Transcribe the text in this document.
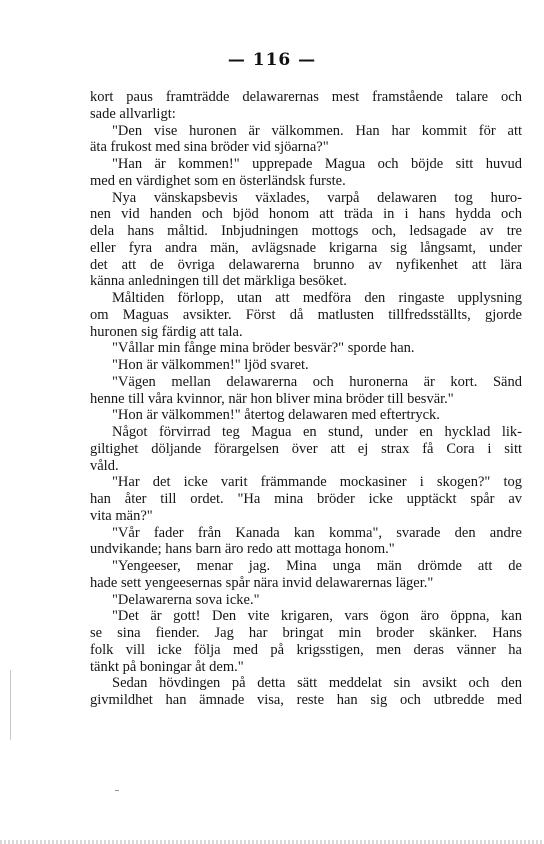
— 116 —
kort paus framträdde delawarernas mest framstående talare och
sade allvarligt:
"Den vise huronen är välkommen. Han har kommit för att
äta frukost med sina bröder vid sjöarna?"
"Han är kommen!" upprepade Magua och böjde sitt huvud
med en värdighet som en österländsk furste.
Nya vänskapsbevis växlades, varpå delawaren tog huro-
nen vid handen och bjöd honom att träda in i hans hydda och
dela hans måltid. Inbjudningen mottogs och, ledsagade av tre
eller fyra andra män, avlägsnade krigarna sig långsamt, under
det att de övriga delawarerna brunno av nyfikenhet att lära
känna anledningen till det märkliga besöket.
Måltiden förlopp, utan att medföra den ringaste upplysning
om Maguas avsikter. Först då matlusten tillfredsställts, gjorde
huronen sig färdig att tala.
"Vållar min fånge mina bröder besvär?" sporde han.
"Hon är välkommen!" ljöd svaret.
"Vägen mellan delawarerna och huronerna är kort. Sänd
henne till våra kvinnor, när hon bliver mina bröder till besvär."
"Hon är välkommen!" återtog delawaren med eftertryck.
Något förvirrad teg Magua en stund, under en hycklad lik-
giltighet döljande förargelsen över att ej strax få Cora i sitt
våld.
"Har det icke varit främmande mockasiner i skogen?" tog
han åter till ordet. "Ha mina bröder icke upptäckt spår av
vita män?"
"Vår fader från Kanada kan komma", svarade den andre
undvikande; hans barn äro redo att mottaga honom."
"Yengeeser, menar jag. Mina unga män drömde att de
hade sett yengeesernas spår nära invid delawarernas läger."
"Delawarerna sova icke."
"Det är gott! Den vite krigaren, vars ögon äro öppna, kan
se sina fiender. Jag har bringat min broder skänker. Hans
folk vill icke följa med på krigsstigen, men deras vänner ha
tänkt på boningar åt dem."
Sedan hövdingen på detta sätt meddelat sin avsikt och den
givmildhet han ämnade visa, reste han sig och utbredde med
